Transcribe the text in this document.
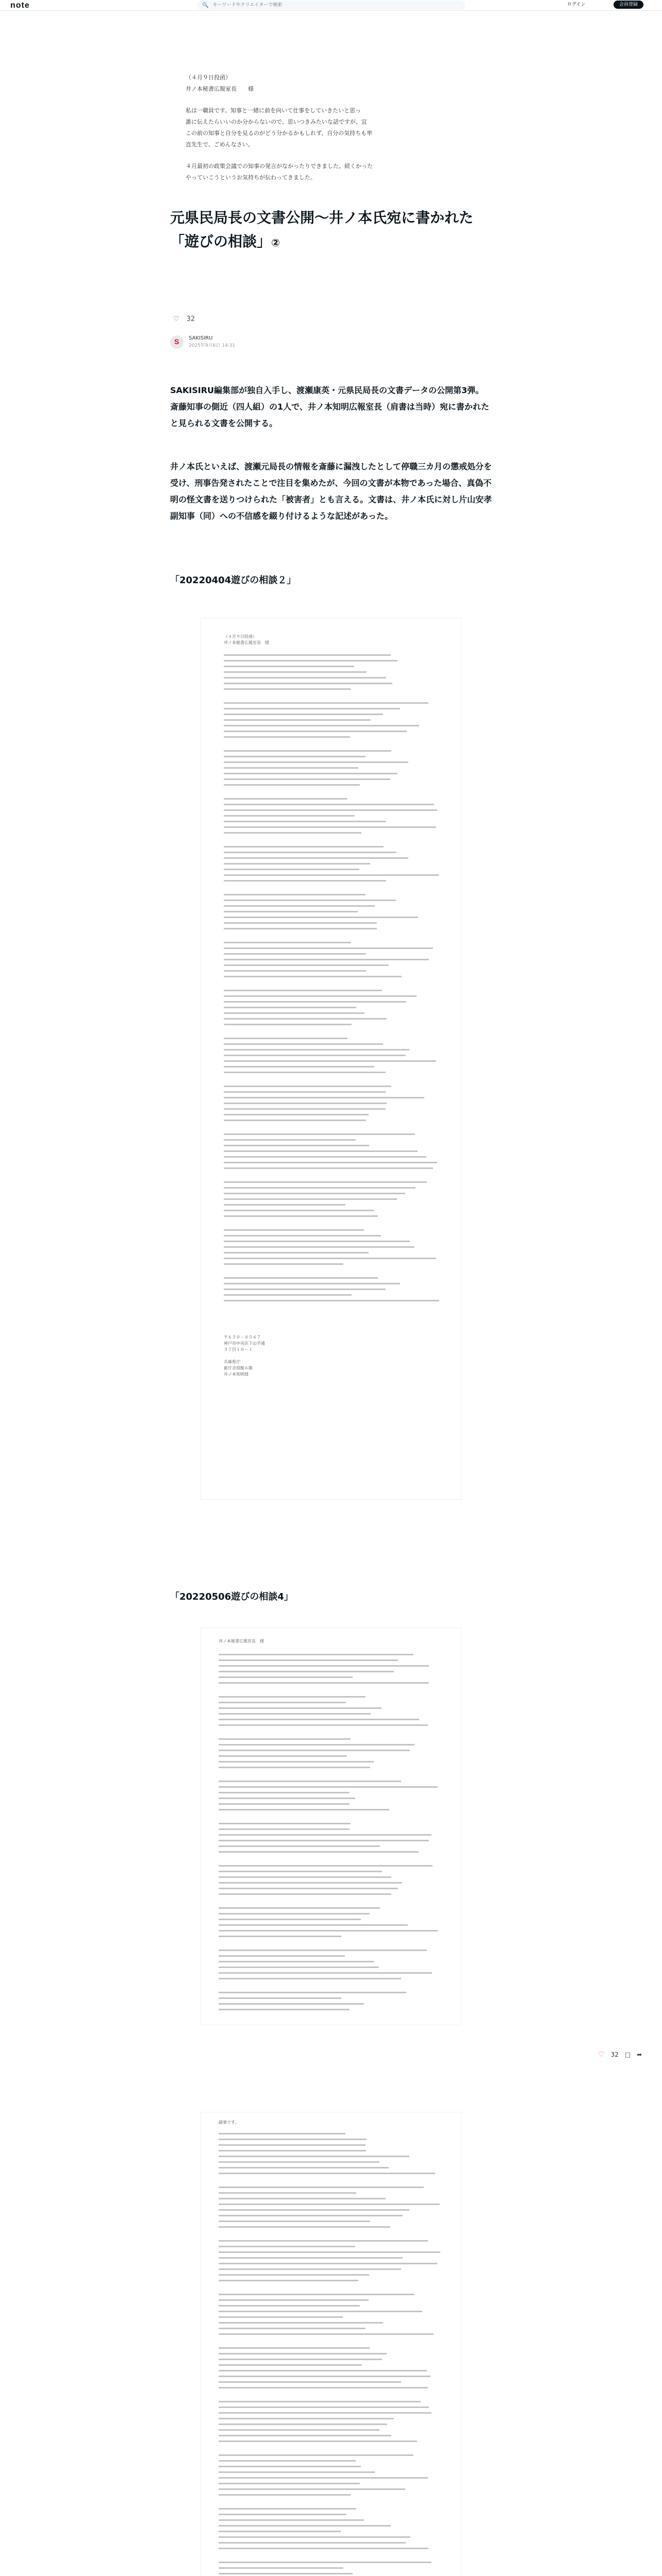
note	🔍
キーワードやクリエイターで検索	ログイン	会員登録

（４月９日投函）
井ノ本秘書広報室長　　様

私は一職員です。知事と一緒に前を向いて仕事をしていきたいと思っ
誰に伝えたらいいのか分からないので、思いつきみたいな話ですが、宜
この前の知事と自分を見るのがどう分かるかもしれず、自分の気持ちも率
直先生で、ごめんなさい。

４月最初の政策会議での知事の発言がなかったりできました。続くかった
やっていこうというお気持ちが伝わってきました。

元県民局長の文書公開〜井ノ本氏宛に書かれた「遊びの相談」②
♡ 32
S SAKISIRU
2025年9月6日 14:31

SAKISIRU編集部が独自入手し、渡瀬康英・元県民局長の文書データの公開第3弾。斎藤知事の側近（四人組）の1人で、井ノ本知明広報室長（肩書は当時）宛に書かれたと見られる文書を公開する。

井ノ本氏といえば、渡瀬元局長の情報を斎藤に漏洩したとして停職三カ月の懲戒処分を受け、刑事告発されたことで注目を集めたが、今回の文書が本物であった場合、真偽不明の怪文書を送りつけられた「被害者」とも言える。文書は、井ノ本氏に対し片山安孝副知事（同）への不信感を綴り付けるような記述があった。

「20220404遊びの相談２」
（４月９日投函）
井ノ本秘書広報室長　様
〒６５０－８５６７
神戸市中央区下山手通
５丁目１０－１

兵庫県庁
新庁舎別館６階
井ノ本知明様
「20220506遊びの相談4」
井ノ本秘書広報室長　様
♡ 32 □ ➦
副事です。
